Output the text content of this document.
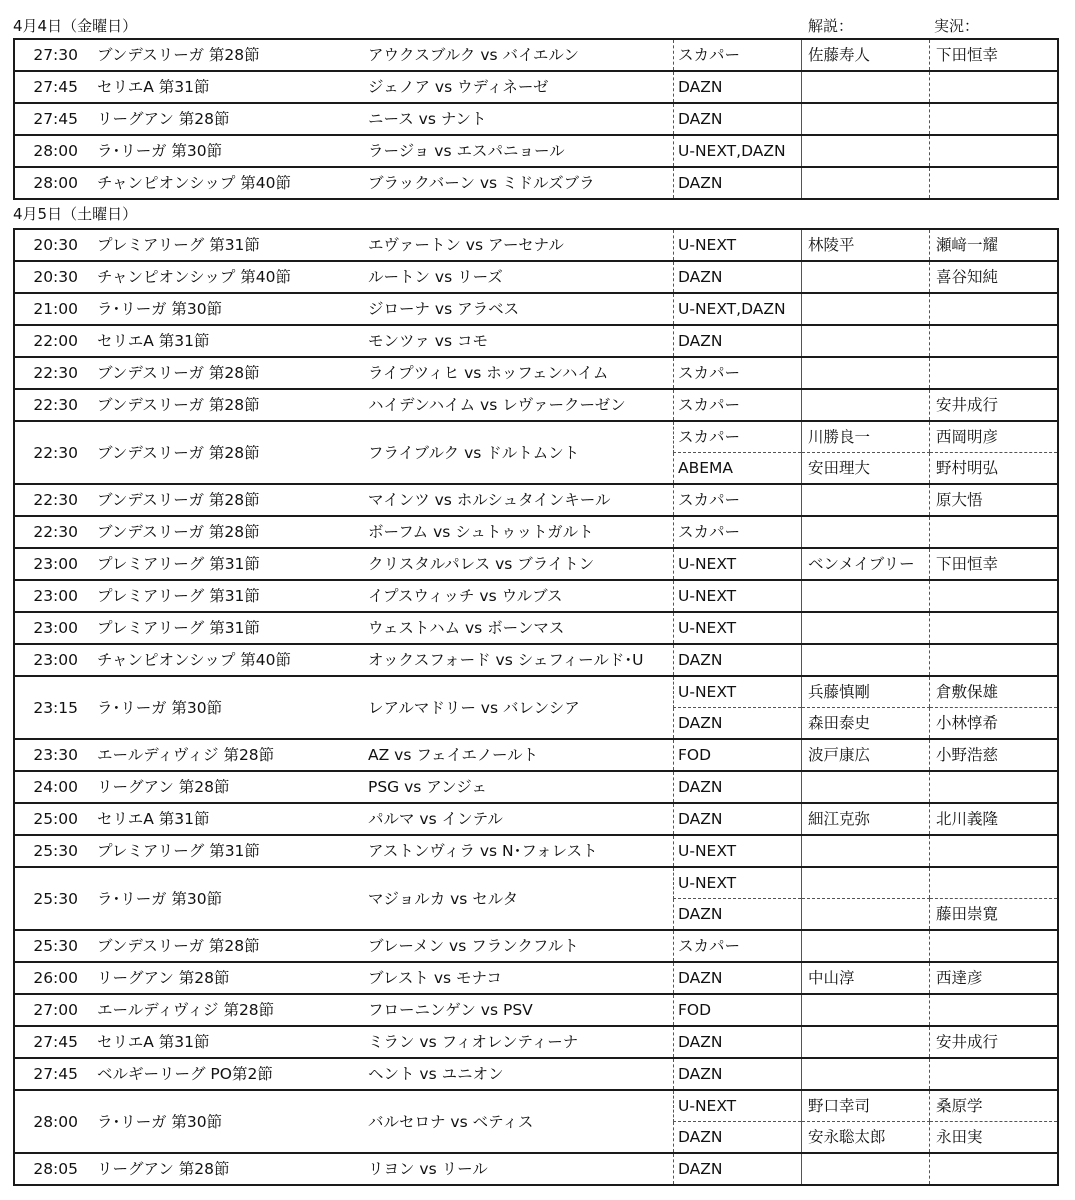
4月4日（金曜日）	解説：	実況：
27:30	ブンデスリーガ 第28節	アウクスブルク vs バイエルン	スカパー	佐藤寿人	下田恒幸
27:45	セリエA 第31節	ジェノア vs ウディネーゼ	DAZN		
27:45	リーグアン 第28節	ニース vs ナント	DAZN		
28:00	ラ･リーガ 第30節	ラージョ vs エスパニョール	U-NEXT,DAZN		
28:00	チャンピオンシップ 第40節	ブラックバーン vs ミドルズブラ	DAZN		
4月5日（土曜日）
20:30	プレミアリーグ 第31節	エヴァートン vs アーセナル	U-NEXT	林陵平	瀬﨑一耀
20:30	チャンピオンシップ 第40節	ルートン vs リーズ	DAZN		喜谷知純
21:00	ラ･リーガ 第30節	ジローナ vs アラベス	U-NEXT,DAZN		
22:00	セリエA 第31節	モンツァ vs コモ	DAZN		
22:30	ブンデスリーガ 第28節	ライプツィヒ vs ホッフェンハイム	スカパー		
22:30	ブンデスリーガ 第28節	ハイデンハイム vs レヴァークーゼン	スカパー		安井成行
22:30	ブンデスリーガ 第28節	フライブルク vs ドルトムント	スカパー	川勝良一	西岡明彦
			ABEMA	安田理大	野村明弘
22:30	ブンデスリーガ 第28節	マインツ vs ホルシュタインキール	スカパー		原大悟
22:30	ブンデスリーガ 第28節	ボーフム vs シュトゥットガルト	スカパー		
23:00	プレミアリーグ 第31節	クリスタルパレス vs ブライトン	U-NEXT	ベンメイブリー	下田恒幸
23:00	プレミアリーグ 第31節	イプスウィッチ vs ウルブス	U-NEXT		
23:00	プレミアリーグ 第31節	ウェストハム vs ボーンマス	U-NEXT		
23:00	チャンピオンシップ 第40節	オックスフォード vs シェフィールド･U	DAZN		
23:15	ラ･リーガ 第30節	レアルマドリー vs バレンシア	U-NEXT	兵藤慎剛	倉敷保雄
			DAZN	森田泰史	小林惇希
23:30	エールディヴィジ 第28節	AZ vs フェイエノールト	FOD	波戸康広	小野浩慈
24:00	リーグアン 第28節	PSG vs アンジェ	DAZN		
25:00	セリエA 第31節	パルマ vs インテル	DAZN	細江克弥	北川義隆
25:30	プレミアリーグ 第31節	アストンヴィラ vs N･フォレスト	U-NEXT		
25:30	ラ･リーガ 第30節	マジョルカ vs セルタ	U-NEXT		
			DAZN		藤田崇寛
25:30	ブンデスリーガ 第28節	ブレーメン vs フランクフルト	スカパー		
26:00	リーグアン 第28節	ブレスト vs モナコ	DAZN	中山淳	西達彦
27:00	エールディヴィジ 第28節	フローニンゲン vs PSV	FOD		
27:45	セリエA 第31節	ミラン vs フィオレンティーナ	DAZN		安井成行
27:45	ベルギーリーグ PO第2節	ヘント vs ユニオン	DAZN		
28:00	ラ･リーガ 第30節	バルセロナ vs ベティス	U-NEXT	野口幸司	桑原学
			DAZN	安永聡太郎	永田実
28:05	リーグアン 第28節	リヨン vs リール	DAZN		
